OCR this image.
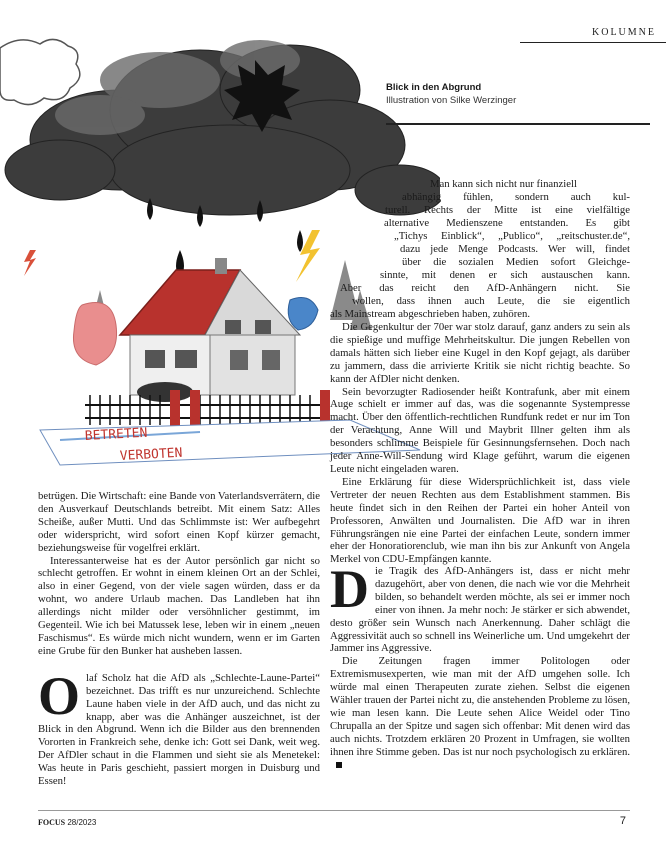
KOLUMNE
BETRETEN
VERBOTEN
Blick in den Abgrund
Illustration von Silke Werzinger
Man kann sich nicht nur finanziell
abhängig fühlen, sondern auch kul-
turell. Rechts der Mitte ist eine vielfältige
alternative Medienszene entstanden. Es gibt
„Tichys Einblick“, „Publico“, „reitschuster.de“,
dazu jede Menge Podcasts. Wer will, findet
über die sozialen Medien sofort Gleichge-
sinnte, mit denen er sich austauschen kann.
Aber das reicht den AfD-Anhängern nicht. Sie
wollen, dass ihnen auch Leute, die sie eigentlich
als Mainstream abgeschrieben haben, zuhören.

Die Gegenkultur der 70er war stolz darauf, ganz anders zu sein als die spießige und muffige Mehrheitskultur. Die jungen Rebellen von damals hätten sich lieber eine Kugel in den Kopf gejagt, als darüber zu jammern, dass die arrivierte Kritik sie nicht richtig beachte. So kann der AfDler nicht denken.

Sein bevorzugter Radiosender heißt Kontrafunk, aber mit einem Auge schielt er immer auf das, was die sogenannte Systempresse macht. Über den öffentlich-rechtlichen Rundfunk redet er nur im Ton der Verachtung, Anne Will und Maybrit Illner gelten ihm als besonders schlimme Beispiele für Gesinnungsfernsehen. Doch nach jeder Anne-Will-Sendung wird Klage geführt, warum die eigenen Leute nicht eingeladen waren.

Eine Erklärung für diese Widersprüchlichkeit ist, dass viele Vertreter der neuen Rechten aus dem Establishment stammen. Bis heute findet sich in den Reihen der Partei ein hoher Anteil von Professoren, Anwälten und Journalisten. Die AfD war in ihren Führungsrängen nie eine Partei der einfachen Leute, sondern immer eher der Honoratiorenclub, wie man ihn bis zur Ankunft von Angela Merkel von CDU-Empfängen kannte.

betrügen. Die Wirtschaft: eine Bande von Vaterlandsverrätern, die den Ausverkauf Deutschlands betreibt. Mit einem Satz: Alles Scheiße, außer Mutti. Und das Schlimmste ist: Wer aufbegehrt oder widerspricht, wird sofort einen Kopf kürzer gemacht, beziehungsweise für vogelfrei erklärt.

Interessanterweise hat es der Autor persönlich gar nicht so schlecht getroffen. Er wohnt in einem kleinen Ort an der Schlei, also in einer Gegend, von der viele sagen würden, dass er da wohnt, wo andere Urlaub machen. Das Landleben hat ihn allerdings nicht milder oder versöhnlicher gestimmt, im Gegenteil. Wie ich bei Matussek lese, leben wir in einem „neuen Faschismus“. Es würde mich nicht wundern, wenn er im Garten eine Grube für den Bunker hat ausheben lassen.

Olaf Scholz hat die AfD als „Schlechte-Laune-Partei“ bezeichnet. Das trifft es nur unzureichend. Schlechte Laune haben viele in der AfD auch, und das nicht zu knapp, aber was die Anhänger auszeichnet, ist der Blick in den Abgrund. Wenn ich die Bilder aus den brennenden Vororten in Frankreich sehe, denke ich: Gott sei Dank, weit weg. Der AfDler schaut in die Flammen und sieht sie als Menetekel: Was heute in Paris geschieht, passiert morgen in Duisburg und Essen!

Die Tragik des AfD-Anhängers ist, dass er nicht mehr dazugehört, aber von denen, die nach wie vor die Mehrheit bilden, so behandelt werden möchte, als sei er immer noch einer von ihnen. Ja mehr noch: Je stärker er sich abwendet, desto größer sein Wunsch nach Anerkennung. Daher schlägt die Aggressivität auch so schnell ins Weinerliche um. Und umgekehrt der Jammer ins Aggressive.

Die Zeitungen fragen immer Politologen oder Extremismusexperten, wie man mit der AfD umgehen solle. Ich würde mal einen Therapeuten zurate ziehen. Selbst die eigenen Wähler trauen der Partei nicht zu, die anstehenden Probleme zu lösen, wie man lesen kann. Die Leute sehen Alice Weidel oder Tino Chrupalla an der Spitze und sagen sich offenbar: Mit denen wird das auch nichts. Trotzdem erklären 20 Prozent in Umfragen, sie wollten ihnen ihre Stimme geben. Das ist nur noch psychologisch zu erklären.

FOCUS 28/2023	7
